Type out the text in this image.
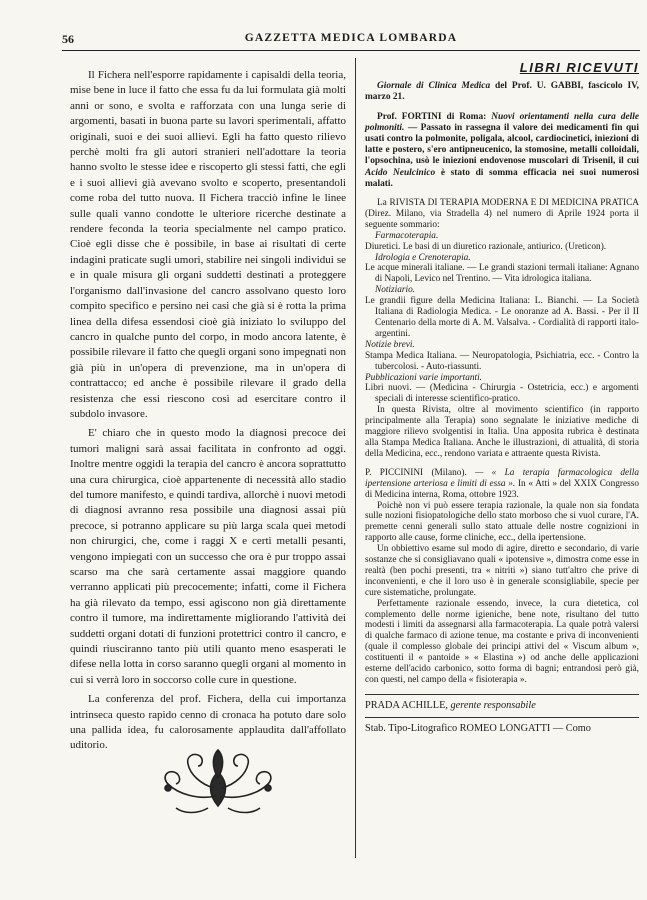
56	GAZZETTA MEDICA LOMBARDA

Il Fichera nell'esporre rapidamente i capisaldi della teoria, mise bene in luce il fatto che essa fu da lui formulata già molti anni or sono, e svolta e rafforzata con una lunga serie di argomenti, basati in buona parte su lavori sperimentali, affatto originali, suoi e dei suoi allievi. Egli ha fatto questo rilievo perchè molti fra gli autori stranieri nell'adottare la teoria hanno svolto le stesse idee e riscoperto gli stessi fatti, che egli e i suoi allievi già avevano svolto e scoperto, presentandoli come roba del tutto nuova. Il Fichera tracciò infine le linee sulle quali vanno condotte le ulteriore ricerche destinate a rendere feconda la teoria specialmente nel campo pratico. Cioè egli disse che è possibile, in base ai risultati di certe indagini praticate sugli umori, stabilire nei singoli individui se e in quale misura gli organi suddetti destinati a proteggere l'organismo dall'invasione del cancro assolvano questo loro compito specifico e persino nei casi che già si è rotta la prima linea della difesa essendosi cioè già iniziato lo sviluppo del cancro in qualche punto del corpo, in modo ancora latente, è possibile rilevare il fatto che quegli organi sono impegnati non già più in un'opera di prevenzione, ma in un'opera di contrattacco; ed anche è possibile rilevare il grado della resistenza che essi riescono così ad esercitare contro il subdolo invasore.

E' chiaro che in questo modo la diagnosi precoce dei tumori maligni sarà assai facilitata in confronto ad oggi. Inoltre mentre oggidì la terapia del cancro è ancora soprattutto una cura chirurgica, cioè appartenente di necessità allo stadio del tumore manifesto, e quindi tardiva, allorchè i nuovi metodi di diagnosi avranno resa possibile una diagnosi assai più precoce, si potranno applicare su più larga scala quei metodi non chirurgici, che, come i raggi X e certi metalli pesanti, vengono impiegati con un successo che ora è pur troppo assai scarso ma che sarà certamente assai maggiore quando verranno applicati più precocemente; infatti, come il Fichera ha già rilevato da tempo, essi agiscono non già direttamente contro il tumore, ma indirettamente migliorando l'attività dei suddetti organi dotati di funzioni protettrici contro il cancro, e quindi riusciranno tanto più utili quanto meno esasperati le difese nella lotta in corso saranno quegli organi al momento in cui si verrà loro in soccorso colle cure in questione.

La conferenza del prof. Fichera, della cui importanza intrinseca questo rapido cenno di cronaca ha potuto dare solo una pallida idea, fu calorosamente applaudita dall'affollato uditorio.

LIBRI RICEVUTI

Giornale di Clinica Medica del Prof. U. GABBI, fascicolo IV, marzo 21.

Prof. FORTINI di Roma: Nuovi orientamenti nella cura delle polmoniti. — Passato in rassegna il valore dei medicamenti fin qui usati contro la polmonite, poligala, alcool, cardiocinetici, iniezioni di latte e postero, s'ero antipneucenico, la stomosine, metalli colloidali, l'opsochina, usò le iniezioni endovenose muscolari di Trisenil, il cui Acido Neulcinico è stato di somma efficacia nei suoi numerosi malati.

La RIVISTA DI TERAPIA MODERNA E DI MEDICINA PRATICA (Direz. Milano, via Stradella 4) nel numero di Aprile 1924 porta il seguente sommario:

Farmacoterapia.
Diuretici. Le basi di un diuretico razionale, antiurico. (Ureticon).
Idrologia e Crenoterapia.
Le acque minerali italiane. — Le grandi stazioni termali italiane: Agnano di Napoli, Levico nel Trentino. — Vita idrologica italiana.
Notiziario.
Le grandii figure della Medicina Italiana: L. Bianchi. — La Società Italiana di Radiologia Medica. - Le onoranze ad A. Bassi. - Per il II Centenario della morte di A. M. Valsalva. - Cordialità di rapporti italo-argentini.
Notizie brevi.
Stampa Medica Italiana. — Neuropatologia, Psichiatria, ecc. - Contro la tubercolosi. - Auto-riassunti.
Pubblicazioni varie importanti.
Libri nuovi. — (Medicina - Chirurgia - Ostetricia, ecc.) e argomenti speciali di interesse scientifico-pratico.

In questa Rivista, oltre al movimento scientifico (in rapporto principalmente alla Terapia) sono segnalate le iniziative mediche di maggiore rilievo svolgentisi in Italia. Una apposita rubrica è destinata alla Stampa Medica Italiana. Anche le illustrazioni, di attualità, di storia della Medicina, ecc., rendono variata e attraente questa Rivista.

P. PICCININI (Milano). — « La terapia farmacologica della ipertensione arteriosa e limiti di essa ». In « Atti » del XXIX Congresso di Medicina interna, Roma, ottobre 1923.

Poichè non vi può essere terapia razionale, la quale non sia fondata sulle nozioni fisiopatologiche dello stato morboso che si vuol curare, l'A. premette cenni generali sullo stato attuale delle nostre cognizioni in rapporto alle cause, forme cliniche, ecc., della ipertensione.

Un obbiettivo esame sul modo di agire, diretto e secondario, di varie sostanze che si consigliavano quali « ipotensive », dimostra come esse in realtà (ben pochi presenti, tra « nitriti ») siano tutt'altro che prive di inconvenienti, e che il loro uso è in generale sconsigliabile, specie per cure sistematiche, prolungate.

Perfettamente razionale essendo, invece, la cura dietetica, col complemento delle norme igieniche, bene note, risultano del tutto modesti i limiti da assegnarsi alla farmacoterapia. La quale potrà valersi di qualche farmaco di azione tenue, ma costante e priva di inconvenienti (quale il complesso globale dei principi attivi del « Viscum album », costituenti il « pantoide » « Elastina ») od anche delle applicazioni esterne dell'acido carbonico, sotto forma di bagni; entrandosi però già, con questi, nel campo della « fisioterapia ».

PRADA ACHILLE, gerente responsabile
Stab. Tipo-Litografico ROMEO LONGATTI — Como
